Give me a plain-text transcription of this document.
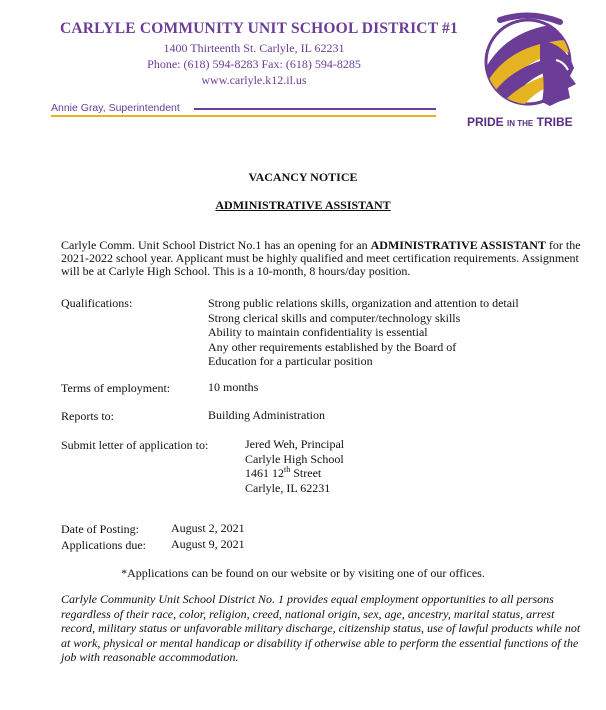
CARLYLE COMMUNITY UNIT SCHOOL DISTRICT #1
1400 Thirteenth St. Carlyle, IL 62231
Phone: (618) 594-8283 Fax: (618) 594-8285
www.carlyle.k12.il.us
Annie Gray, Superintendent
PRIDE IN THE TRIBE
VACANCY NOTICE
ADMINISTRATIVE ASSISTANT
Carlyle Comm. Unit School District No.1 has an opening for an ADMINISTRATIVE ASSISTANT for the 2021-2022 school year. Applicant must be highly qualified and meet certification requirements. Assignment will be at Carlyle High School. This is a 10-month, 8 hours/day position.
Qualifications:	Strong public relations skills, organization and attention to detail
Strong clerical skills and computer/technology skills
Ability to maintain confidentiality is essential
Any other requirements established by the Board of
Education for a particular position
Terms of employment:	10 months
Reports to:	Building Administration
Submit letter of application to:	Jered Weh, Principal
Carlyle High School
1461 12th Street
Carlyle, IL 62231
Date of Posting:	August 2, 2021
Applications due: August 9, 2021
*Applications can be found on our website or by visiting one of our offices.
Carlyle Community Unit School District No. 1 provides equal employment opportunities to all persons regardless of their race, color, religion, creed, national origin, sex, age, ancestry, marital status, arrest record, military status or unfavorable military discharge, citizenship status, use of lawful products while not at work, physical or mental handicap or disability if otherwise able to perform the essential functions of the job with reasonable accommodation.
